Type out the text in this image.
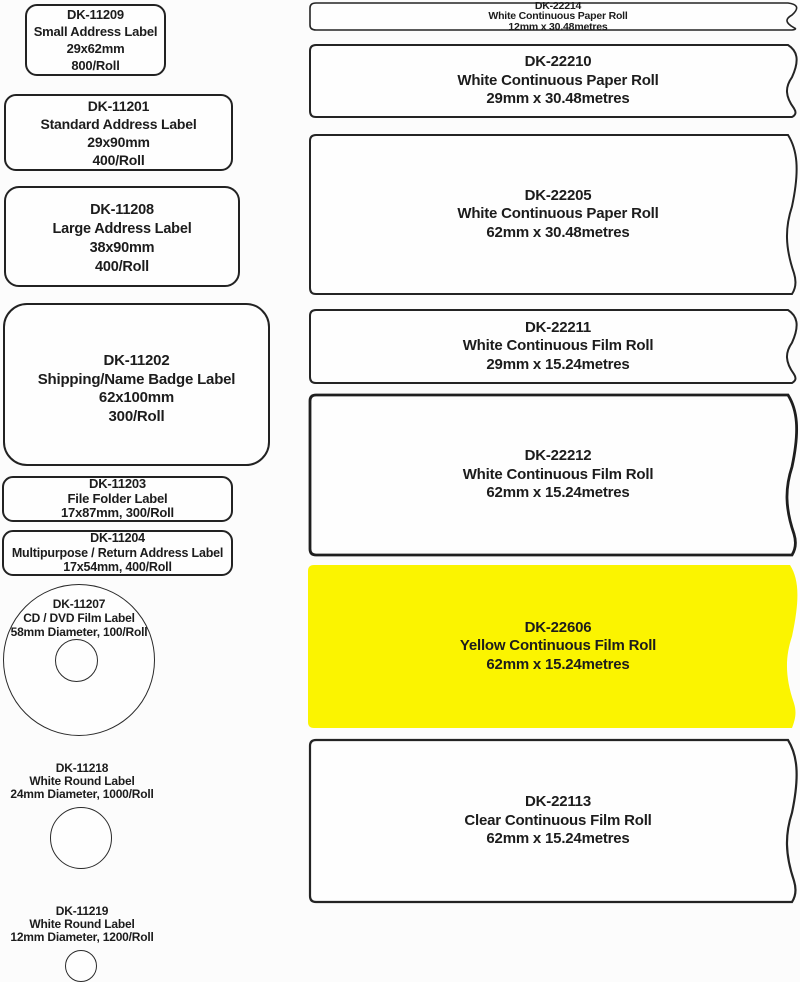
DK-11209
Small Address Label
29x62mm
800/Roll
DK-11201
Standard Address Label
29x90mm
400/Roll
DK-11208
Large Address Label
38x90mm
400/Roll
DK-11202
Shipping/Name Badge Label
62x100mm
300/Roll
DK-11203
File Folder Label
17x87mm, 300/Roll
DK-11204
Multipurpose / Return Address Label
17x54mm, 400/Roll
DK-11207
CD / DVD Film Label
58mm Diameter, 100/Roll
DK-11218
White Round Label
24mm Diameter, 1000/Roll
DK-11219
White Round Label
12mm Diameter, 1200/Roll
DK-22214
White Continuous Paper Roll
12mm x 30.48metres
DK-22210
White Continuous Paper Roll
29mm x 30.48metres
DK-22205
White Continuous Paper Roll
62mm x 30.48metres
DK-22211
White Continuous Film Roll
29mm x 15.24metres
DK-22212
White Continuous Film Roll
62mm x 15.24metres
DK-22606
Yellow Continuous Film Roll
62mm x 15.24metres
DK-22113
Clear Continuous Film Roll
62mm x 15.24metres
